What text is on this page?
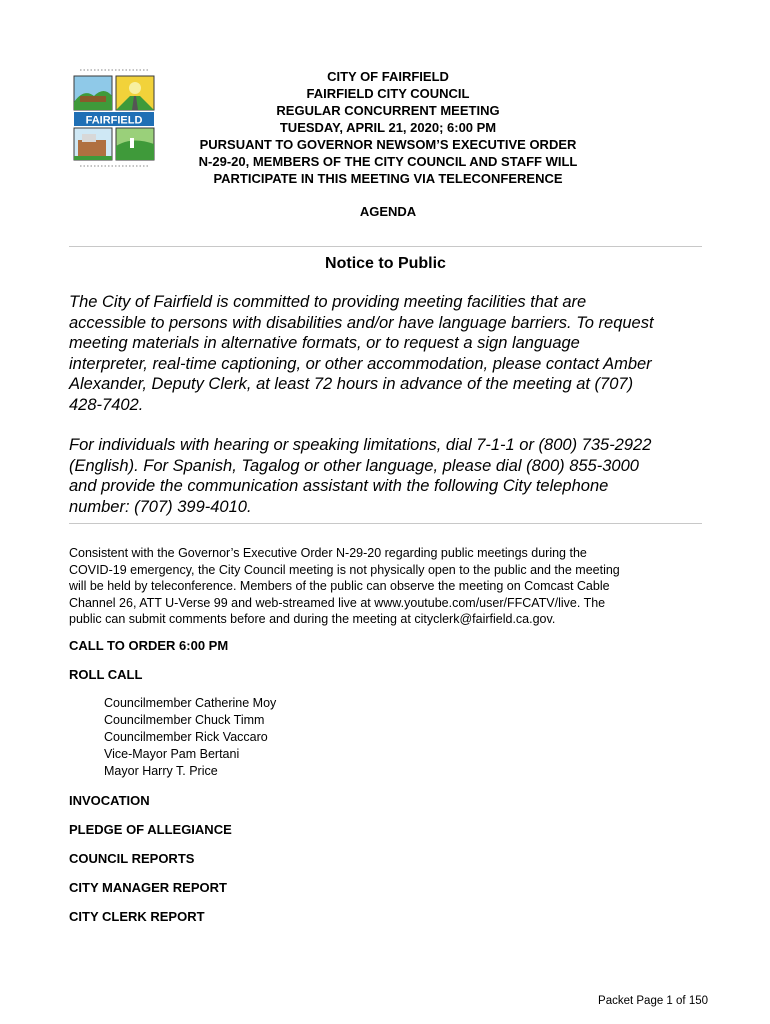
FAIRFIELD
CITY OF FAIRFIELD
FAIRFIELD CITY COUNCIL
REGULAR CONCURRENT MEETING
TUESDAY, APRIL 21, 2020; 6:00 PM
PURSUANT TO GOVERNOR NEWSOM’S EXECUTIVE ORDER
N-29-20, MEMBERS OF THE CITY COUNCIL AND STAFF WILL
PARTICIPATE IN THIS MEETING VIA TELECONFERENCE
AGENDA
Notice to Public
The City of Fairfield is committed to providing meeting facilities that are
accessible to persons with disabilities and/or have language barriers. To request
meeting materials in alternative formats, or to request a sign language
interpreter, real-time captioning, or other accommodation, please contact Amber
Alexander, Deputy Clerk, at least 72 hours in advance of the meeting at (707)
428-7402.
For individuals with hearing or speaking limitations, dial 7-1-1 or (800) 735-2922
(English). For Spanish, Tagalog or other language, please dial (800) 855-3000
and provide the communication assistant with the following City telephone
number: (707) 399-4010.
Consistent with the Governor’s Executive Order N-29-20 regarding public meetings during the
COVID-19 emergency, the City Council meeting is not physically open to the public and the meeting
will be held by teleconference. Members of the public can observe the meeting on Comcast Cable
Channel 26, ATT U-Verse 99 and web-streamed live at www.youtube.com/user/FFCATV/live. The
public can submit comments before and during the meeting at cityclerk@fairfield.ca.gov.
CALL TO ORDER 6:00 PM
ROLL CALL
Councilmember Catherine Moy
Councilmember Chuck Timm
Councilmember Rick Vaccaro
Vice-Mayor Pam Bertani
Mayor Harry T. Price
INVOCATION
PLEDGE OF ALLEGIANCE
COUNCIL REPORTS
CITY MANAGER REPORT
CITY CLERK REPORT
Packet Page 1 of 150
